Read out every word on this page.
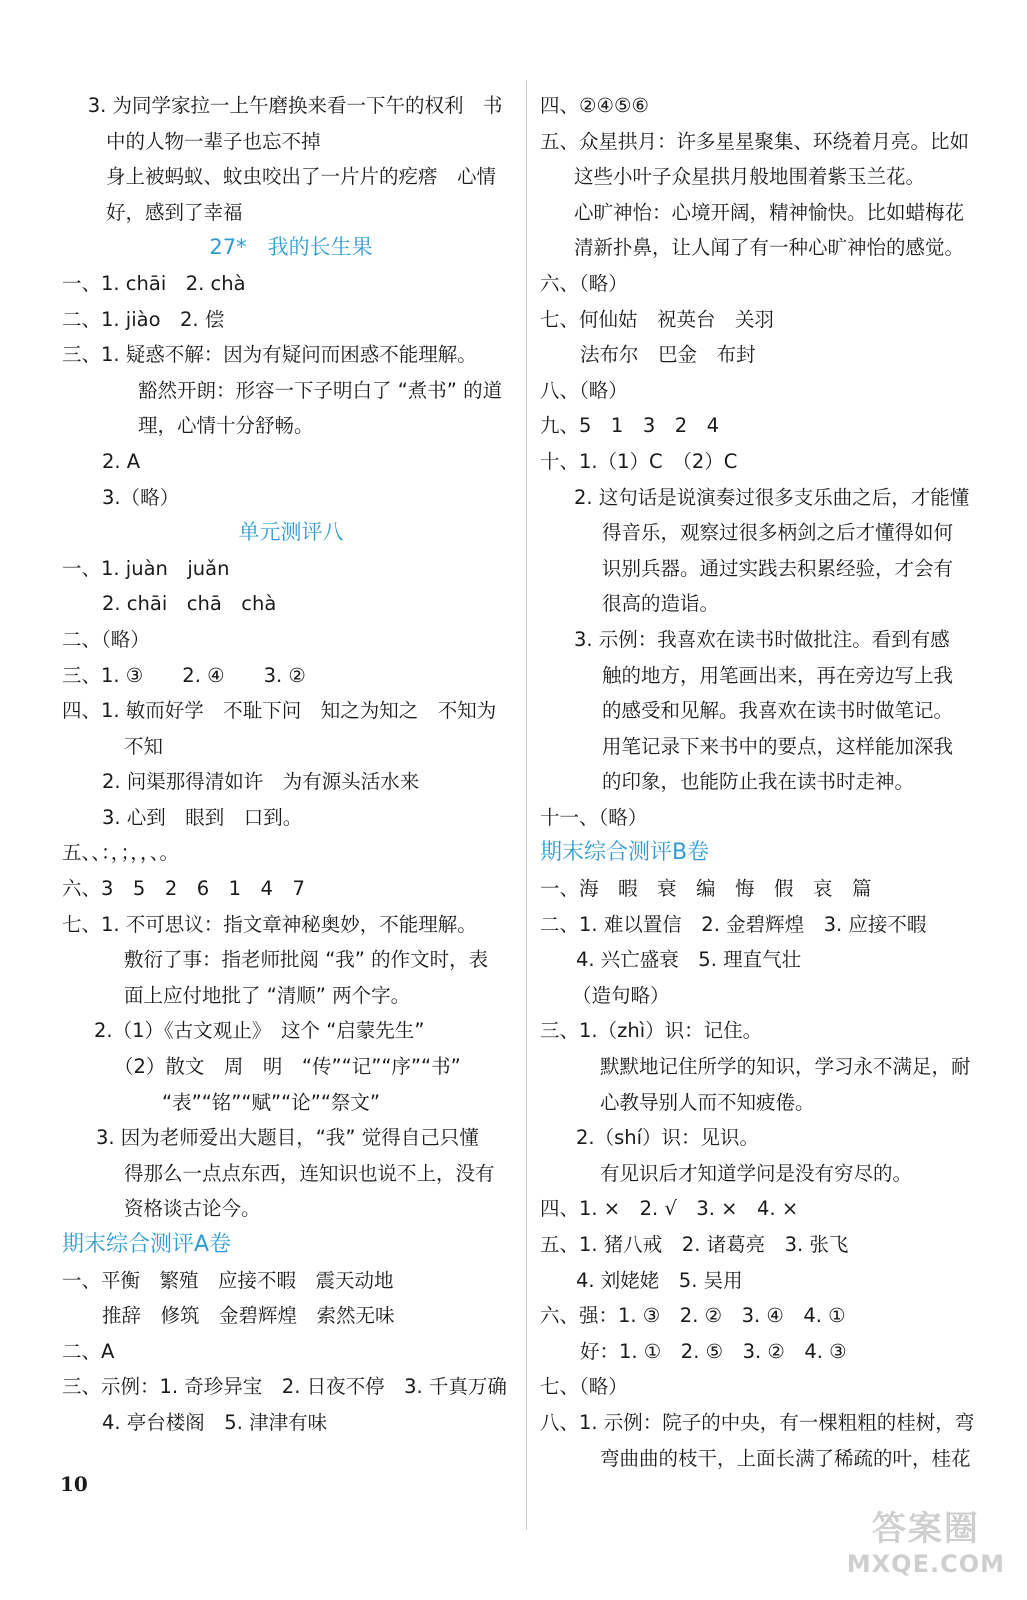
　 3. 为同学家拉一上午磨换来看一下午的权利　书
中的人物一辈子也忘不掉
身上被蚂蚁、蚊虫咬出了一片片的疙瘩　心情
好，感到了幸福
27*　我的长生果
一、1. chāi　2. chà
二、1. jiào　2. 偿
三、1. 疑惑不解：因为有疑问而困惑不能理解。
豁然开朗：形容一下子明白了 “煮书” 的道
理，心情十分舒畅。
2. A
3.（略）
单元测评八
一、1. juàn　juǎn
2. chāi　chā　chà
二、（略）
三、1. ③　　2. ④　　3. ②
四、1. 敏而好学　不耻下问　知之为知之　不知为
不知
2. 问渠那得清如许　为有源头活水来
3. 心到　眼到　口到。
五、、：，；，，、。
六、3　5　2　6　1　4　7
七、1. 不可思议：指文章神秘奥妙，不能理解。
敷衍了事：指老师批阅 “我” 的作文时，表
面上应付地批了 “清顺” 两个字。
2.（1）《古文观止》　这个 “启蒙先生”
（2）散文　周　明　“传”“记”“序”“书”
“表”“铭”“赋”“论”“祭文”
3. 因为老师爱出大题目，“我” 觉得自己只懂
得那么一点点东西，连知识也说不上，没有
资格谈古论今。
期末综合测评A卷
一、平衡　繁殖　应接不暇　震天动地
推辞　修筑　金碧辉煌　索然无味
二、A
三、示例：1. 奇珍异宝　2. 日夜不停　3. 千真万确
4. 亭台楼阁　5. 津津有味
四、②④⑤⑥
五、众星拱月：许多星星聚集、环绕着月亮。比如
这些小叶子众星拱月般地围着紫玉兰花。
心旷神怡：心境开阔，精神愉快。比如蜡梅花
清新扑鼻，让人闻了有一种心旷神怡的感觉。
六、（略）
七、何仙姑　祝英台　关羽
法布尔　巴金　布封
八、（略）
九、5　1　3　2　4
十、1.（1）C　（2）C
2. 这句话是说演奏过很多支乐曲之后，才能懂
得音乐，观察过很多柄剑之后才懂得如何
识别兵器。通过实践去积累经验，才会有
很高的造诣。
3. 示例：我喜欢在读书时做批注。看到有感
触的地方，用笔画出来，再在旁边写上我
的感受和见解。我喜欢在读书时做笔记。
用笔记录下来书中的要点，这样能加深我
的印象，也能防止我在读书时走神。
十一、（略）
期末综合测评B卷
一、海　暇　衰　编　悔　假　哀　篇
二、1. 难以置信　2. 金碧辉煌　3. 应接不暇
4. 兴亡盛衰　5. 理直气壮
（造句略）
三、1.（zhì）识：记住。
默默地记住所学的知识，学习永不满足，耐
心教导别人而不知疲倦。
2.（shí）识：见识。
有见识后才知道学问是没有穷尽的。
四、1. ×　2. √　3. ×　4. ×
五、1. 猪八戒　2. 诸葛亮　3. 张飞
4. 刘姥姥　5. 吴用
六、强：1. ③　2. ②　3. ④　4. ①
好：1. ①　2. ⑤　3. ②　4. ③
七、（略）
八、1. 示例：院子的中央，有一棵粗粗的桂树，弯
弯曲曲的枝干，上面长满了稀疏的叶，桂花
10
答案圈
MXQE.COM
